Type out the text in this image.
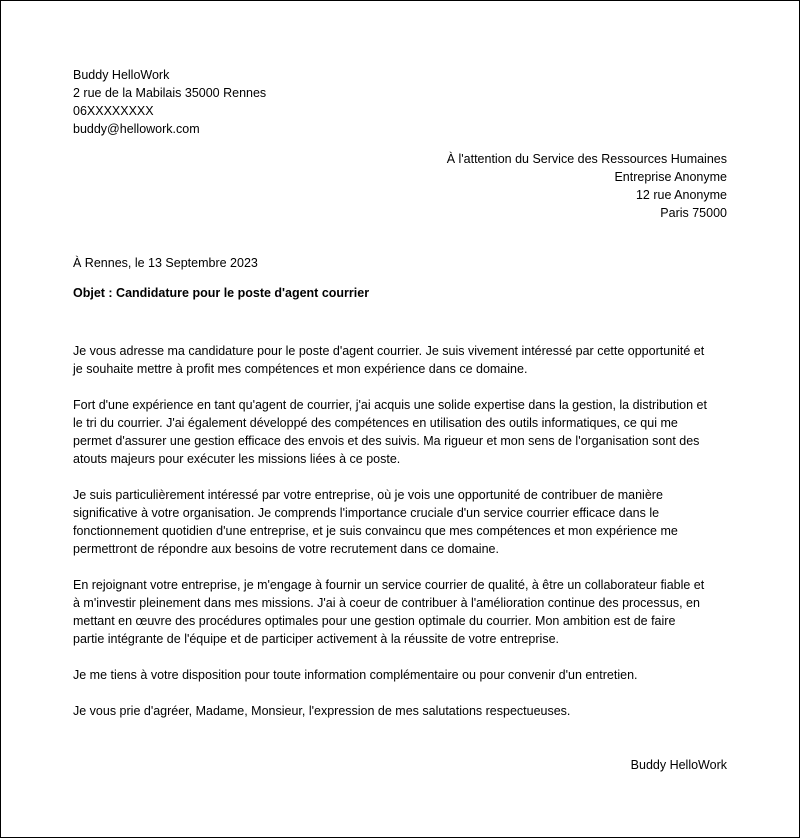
Buddy HelloWork
2 rue de la Mabilais 35000 Rennes
06XXXXXXXX
buddy@hellowork.com
À l'attention du Service des Ressources Humaines
Entreprise Anonyme
12 rue Anonyme
Paris 75000
À Rennes, le 13 Septembre 2023
Objet : Candidature pour le poste d'agent courrier
Je vous adresse ma candidature pour le poste d'agent courrier. Je suis vivement intéressé par cette opportunité et
je souhaite mettre à profit mes compétences et mon expérience dans ce domaine.
Fort d'une expérience en tant qu'agent de courrier, j'ai acquis une solide expertise dans la gestion, la distribution et
le tri du courrier. J'ai également développé des compétences en utilisation des outils informatiques, ce qui me
permet d'assurer une gestion efficace des envois et des suivis. Ma rigueur et mon sens de l'organisation sont des
atouts majeurs pour exécuter les missions liées à ce poste.
Je suis particulièrement intéressé par votre entreprise, où je vois une opportunité de contribuer de manière
significative à votre organisation. Je comprends l'importance cruciale d'un service courrier efficace dans le
fonctionnement quotidien d'une entreprise, et je suis convaincu que mes compétences et mon expérience me
permettront de répondre aux besoins de votre recrutement dans ce domaine.
En rejoignant votre entreprise, je m'engage à fournir un service courrier de qualité, à être un collaborateur fiable et
à m'investir pleinement dans mes missions. J'ai à coeur de contribuer à l'amélioration continue des processus, en
mettant en œuvre des procédures optimales pour une gestion optimale du courrier. Mon ambition est de faire
partie intégrante de l'équipe et de participer activement à la réussite de votre entreprise.
Je me tiens à votre disposition pour toute information complémentaire ou pour convenir d'un entretien.
Je vous prie d'agréer, Madame, Monsieur, l'expression de mes salutations respectueuses.
Buddy HelloWork
